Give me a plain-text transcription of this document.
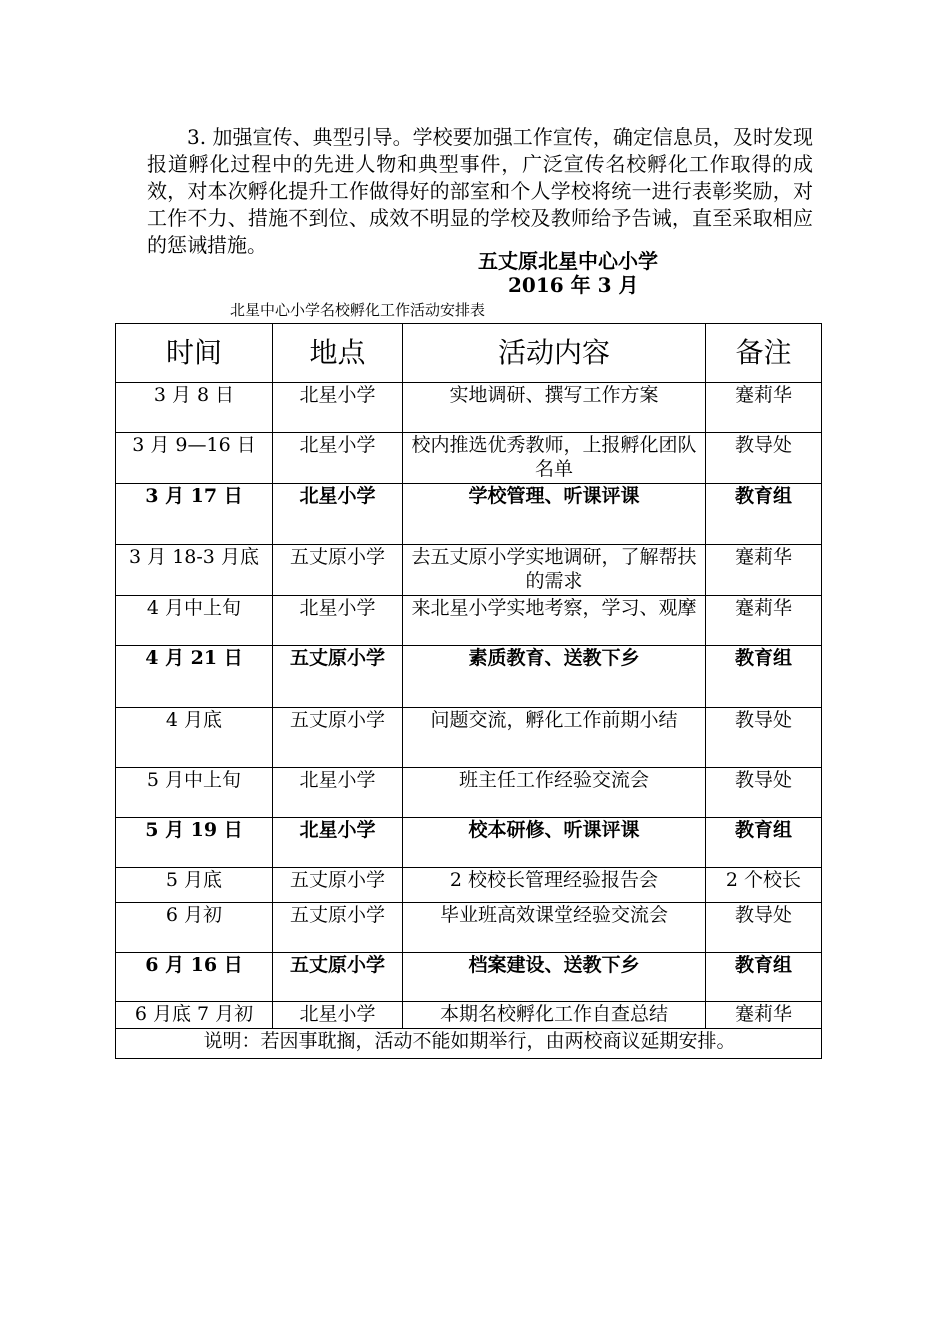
3. 加强宣传、典型引导。学校要加强工作宣传，确定信息员，及时发现报道孵化过程中的先进人物和典型事件，广泛宣传名校孵化工作取得的成效，对本次孵化提升工作做得好的部室和个人学校将统一进行表彰奖励，对工作不力、措施不到位、成效不明显的学校及教师给予告诫，直至采取相应的惩诫措施。

五丈原北星中心小学
2016 年 3 月
北星中心小学名校孵化工作活动安排表
时间	地点	活动内容	备注
3 月 8 日	北星小学	实地调研、撰写工作方案	蹇莉华
3 月 9—16 日	北星小学	校内推选优秀教师，上报孵化团队名单	教导处
3 月 17 日	北星小学	学校管理、听课评课	教育组
3 月 18-3 月底	五丈原小学	去五丈原小学实地调研，了解帮扶的需求	蹇莉华
4 月中上旬	北星小学	来北星小学实地考察，学习、观摩	蹇莉华
4 月 21 日	五丈原小学	素质教育、送教下乡	教育组
4 月底	五丈原小学	问题交流，孵化工作前期小结	教导处
5 月中上旬	北星小学	班主任工作经验交流会	教导处
5 月 19 日	北星小学	校本研修、听课评课	教育组
5 月底	五丈原小学	2 校校长管理经验报告会	2 个校长
6 月初	五丈原小学	毕业班高效课堂经验交流会	教导处
6 月 16 日	五丈原小学	档案建设、送教下乡	教育组
6 月底 7 月初	北星小学	本期名校孵化工作自查总结	蹇莉华
说明：若因事耽搁，活动不能如期举行，由两校商议延期安排。			
